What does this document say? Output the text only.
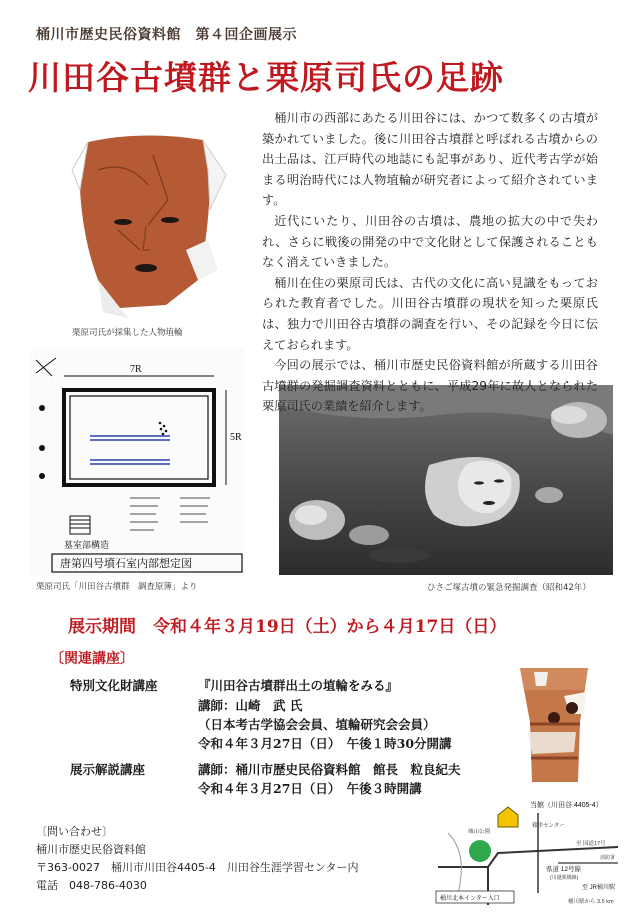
桶川市歴史民俗資料館　第４回企画展示
川田谷古墳群と栗原司氏の足跡
栗原司氏が採集した人物埴輪
7R
5R
墓室部構造
唐第四号墳石室内部想定図
栗原司氏「川田谷古墳群　調査原簿」より	ひさご塚古墳の緊急発掘調査（昭和42年）

桶川市の西部にあたる川田谷には、かつて数多くの古墳が築かれていました。後に川田谷古墳群と呼ばれる古墳からの出土品は、江戸時代の地誌にも記事があり、近代考古学が始まる明治時代には人物埴輪が研究者によって紹介されています。

近代にいたり、川田谷の古墳は、農地の拡大の中で失われ、さらに戦後の開発の中で文化財として保護されることもなく消えていきました。

桶川在住の栗原司氏は、古代の文化に高い見識をもっておられた教育者でした。川田谷古墳群の現状を知った栗原氏は、独力で川田谷古墳群の調査を行い、その記録を今日に伝えておられます。

今回の展示では、桶川市歴史民俗資料館が所蔵する川田谷古墳群の発掘調査資料とともに、平成29年に故人となられた栗原司氏の業績を紹介します。

展示期間　令和４年３月19日（土）から４月17日（日）
〔関連講座〕
特別文化財講座	『川田谷古墳群出土の埴輪をみる』
講師：山崎　武 氏
（日本考古学協会会員、埴輪研究会会員）
令和４年３月27日（日）　午後１時30分開講
展示解説講座	講師：桶川市歴史民俗資料館　館長　粒良紀夫
令和４年３月27日（日）　午後３時開講
〔問い合わせ〕
桶川市歴史民俗資料館
〒363-0027　桶川市川田谷4405-4　川田谷生涯学習センター内
電話　048-786-4030
桶川北本インター入口
当館（川田谷 4405-4）
城山公園
篠津センター
至 国道17号
県道 12号線
(川越栗橋線)
消防署
至 JR桶川駅
桶川駅から 3.5 km
